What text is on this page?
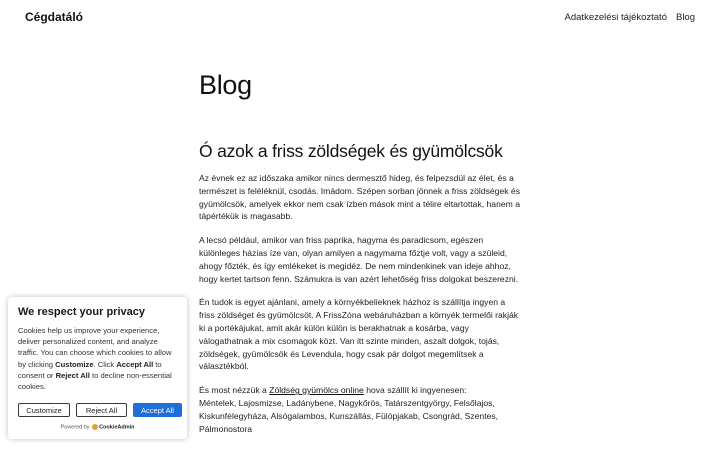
Cégdatáló	Adatkezelési tájékoztató Blog
Blog
Ó azok a friss zöldségek és gyümölcsök

Az évnek ez az időszaka amikor nincs dermesztő hideg, és felpezsdül az élet, és a természet is feléléknül, csodás. Imádom. Szépen sorban jönnek a friss zöldségek és gyümölcsök, amelyek ekkor nem csak ízben mások mint a télire eltartottak, hanem a tápértékük is magasabb.

A lecsó például, amikor van friss paprika, hagyma és paradicsom, egészen különleges házias íze van, olyan amilyen a nagymama főztje volt, vagy a szüleid, ahogy főzték, és így emlékeket is megidéz. De nem mindenkinek van ideje ahhoz, hogy kertet tartson fenn. Számukra is van azért lehetőség friss dolgokat beszerezni.

Én tudok is egyet ajánlani, amely a környékbelieknek házhoz is szállítja ingyen a friss zöldséget és gyümölcsöt. A FrissZóna webáruházban a környék termelői rakják ki a portékájukat, amit akár külön külön is berakhatnak a kosárba, vagy válogathatnak a mix csomagok közt. Van itt szinte minden, aszalt dolgok, tojás, zöldségek, gyümölcsök és Levendula, hogy csak pár dolgot megemlítsek a választékból.

És most nézzük a Zöldség gyümölcs online hova szállít ki ingyenesen:
Méntelek, Lajosmizse, Ladánybene, Nagykőrös, Tatárszentgyörgy, Felsőlajos, Kiskunfélegyháza, Alsógalambos, Kunszállás, Fülöpjakab, Csongrád, Szentes, Pálmonostora

We respect your privacy
Cookies help us improve your experience, deliver personalized content, and analyze traffic. You can choose which cookies to allow by clicking Customize. Click Accept All to consent or Reject All to decline non-essential cookies.
Customize	Reject All	Accept All
Powered by CookieAdmin
